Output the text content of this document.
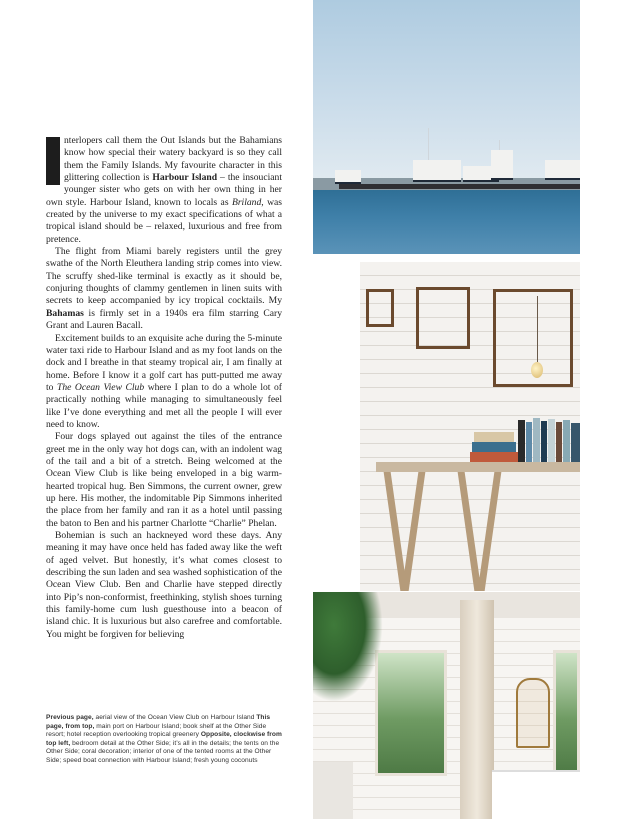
nterlopers call them the Out Islands but the Bahamians know how special their watery backyard is so they call them the Family Islands. My favourite character in this glittering collection is Harbour Island – the insouciant younger sister who gets on with her own thing in her own style. Harbour Island, known to locals as Briland, was created by the universe to my exact specifications of what a tropical island should be – relaxed, luxurious and free from pretence.

The flight from Miami barely registers until the grey swathe of the North Eleuthera landing strip comes into view. The scruffy shed-like terminal is exactly as it should be, conjuring thoughts of clammy gentlemen in linen suits with secrets to keep accompanied by icy tropical cocktails. My Bahamas is firmly set in a 1940s era film starring Cary Grant and Lauren Bacall.

Excitement builds to an exquisite ache during the 5-minute water taxi ride to Harbour Island and as my foot lands on the dock and I breathe in that steamy tropical air, I am finally at home. Before I know it a golf cart has putt-putted me away to The Ocean View Club where I plan to do a whole lot of practically nothing while managing to simultaneously feel like I’ve done everything and met all the people I will ever need to know.

Four dogs splayed out against the tiles of the entrance greet me in the only way hot dogs can, with an indolent wag of the tail and a bit of a stretch. Being welcomed at the Ocean View Club is like being enveloped in a big warm-hearted tropical hug. Ben Simmons, the current owner, grew up here. His mother, the indomitable Pip Simmons inherited the place from her family and ran it as a hotel until passing the baton to Ben and his partner Charlotte “Charlie” Phelan.

Bohemian is such an hackneyed word these days. Any meaning it may have once held has faded away like the weft of aged velvet. But honestly, it’s what comes closest to describing the sun laden and sea washed sophistication of the Ocean View Club. Ben and Charlie have stepped directly into Pip’s non-conformist, freethinking, stylish shoes turning this family-home cum lush guesthouse into a beacon of island chic. It is luxurious but also carefree and comfortable. You might be forgiven for believing

Previous page, aerial view of the Ocean View Club on Harbour Island This page, from top, main port on Harbour Island; book shelf at the Other Side resort; hotel reception overlooking tropical greenery Opposite, clockwise from top left, bedroom detail at the Other Side; it’s all in the details; the tents on the Other Side; coral decoration; interior of one of the tented rooms at the Other Side; speed boat connection with Harbour Island; fresh young coconuts
